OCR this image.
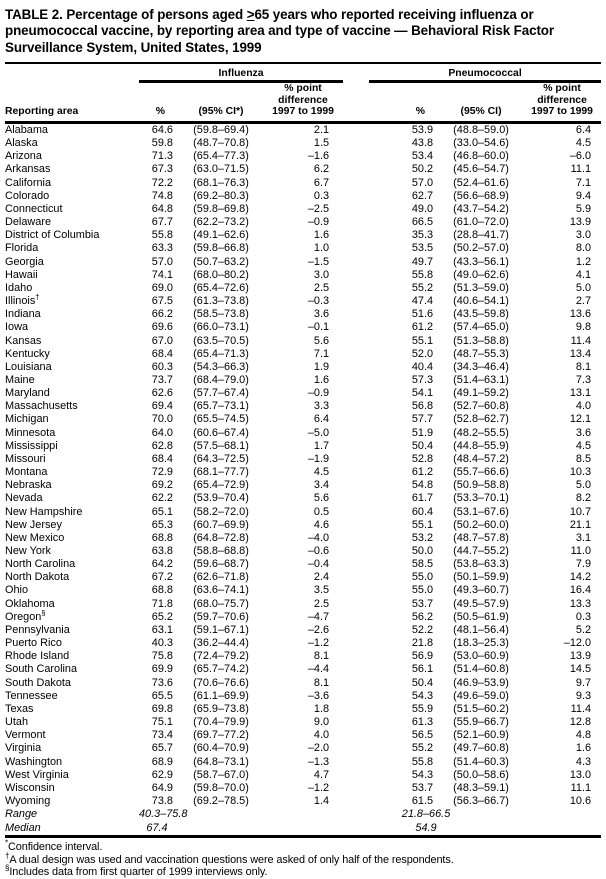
TABLE 2. Percentage of persons aged ≥65 years who reported receiving influenza or pneumococcal vaccine, by reporting area and type of vaccine — Behavioral Risk Factor Surveillance System, United States, 1999
	Influenza				Pneumococcal		
Reporting area	%	(95% CI*)	
% point
difference
1997 to 1999		%	(95% CI)	
% point
difference
1997 to 1999

Alabama	64.6	(59.8–69.4)	2.1		53.9	(48.8–59.0)	6.4
Alaska	59.8	(48.7–70.8)	1.5		43.8	(33.0–54.6)	4.5
Arizona	71.3	(65.4–77.3)	–1.6		53.4	(46.8–60.0)	–6.0
Arkansas	67.3	(63.0–71.5)	6.2		50.2	(45.6–54.7)	11.1
California	72.2	(68.1–76.3)	6.7		57.0	(52.4–61.6)	7.1
Colorado	74.8	(69.2–80.3)	0.3		62.7	(56.6–68.9)	9.4
Connecticut	64.8	(59.8–69.8)	–2.5		49.0	(43.7–54.2)	5.9
Delaware	67.7	(62.2–73.2)	–0.9		66.5	(61.0–72.0)	13.9
District of Columbia	55.8	(49.1–62.6)	1.6		35.3	(28.8–41.7)	3.0
Florida	63.3	(59.8–66.8)	1.0		53.5	(50.2–57.0)	8.0
Georgia	57.0	(50.7–63.2)	–1.5		49.7	(43.3–56.1)	1.2
Hawaii	74.1	(68.0–80.2)	3.0		55.8	(49.0–62.6)	4.1
Idaho	69.0	(65.4–72.6)	2.5		55.2	(51.3–59.0)	5.0
Illinois†	67.5	(61.3–73.8)	–0.3		47.4	(40.6–54.1)	2.7
Indiana	66.2	(58.5–73.8)	3.6		51.6	(43.5–59.8)	13.6
Iowa	69.6	(66.0–73.1)	–0.1		61.2	(57.4–65.0)	9.8
Kansas	67.0	(63.5–70.5)	5.6		55.1	(51.3–58.8)	11.4
Kentucky	68.4	(65.4–71.3)	7.1		52.0	(48.7–55.3)	13.4
Louisiana	60.3	(54.3–66.3)	1.9		40.4	(34.3–46.4)	8.1
Maine	73.7	(68.4–79.0)	1.6		57.3	(51.4–63.1)	7.3
Maryland	62.6	(57.7–67.4)	–0.9		54.1	(49.1–59.2)	13.1
Massachusetts	69.4	(65.7–73.1)	3.3		56.8	(52.7–60.8)	4.0
Michigan	70.0	(65.5–74.5)	6.4		57.7	(52.8–62.7)	12.1
Minnesota	64.0	(60.6–67.4)	–5.0		51.9	(48.2–55.5)	3.6
Mississippi	62.8	(57.5–68.1)	1.7		50.4	(44.8–55.9)	4.5
Missouri	68.4	(64.3–72.5)	–1.9		52.8	(48.4–57.2)	8.5
Montana	72.9	(68.1–77.7)	4.5		61.2	(55.7–66.6)	10.3
Nebraska	69.2	(65.4–72.9)	3.4		54.8	(50.9–58.8)	5.0
Nevada	62.2	(53.9–70.4)	5.6		61.7	(53.3–70.1)	8.2
New Hampshire	65.1	(58.2–72.0)	0.5		60.4	(53.1–67.6)	10.7
New Jersey	65.3	(60.7–69.9)	4.6		55.1	(50.2–60.0)	21.1
New Mexico	68.8	(64.8–72.8)	–4.0		53.2	(48.7–57.8)	3.1
New York	63.8	(58.8–68.8)	–0.6		50.0	(44.7–55.2)	11.0
North Carolina	64.2	(59.6–68.7)	–0.4		58.5	(53.8–63.3)	7.9
North Dakota	67.2	(62.6–71.8)	2.4		55.0	(50.1–59.9)	14.2
Ohio	68.8	(63.6–74.1)	3.5		55.0	(49.3–60.7)	16.4
Oklahoma	71.8	(68.0–75.7)	2.5		53.7	(49.5–57.9)	13.3
Oregon§	65.2	(59.7–70.6)	–4.7		56.2	(50.5–61.9)	0.3
Pennsylvania	63.1	(59.1–67.1)	–2.6		52.2	(48.1–56.4)	5.2
Puerto Rico	40.3	(36.2–44.4)	–1.2		21.8	(18.3–25.3)	–12.0
Rhode Island	75.8	(72.4–79.2)	8.1		56.9	(53.0–60.9)	13.9
South Carolina	69.9	(65.7–74.2)	–4.4		56.1	(51.4–60.8)	14.5
South Dakota	73.6	(70.6–76.6)	8.1		50.4	(46.9–53.9)	9.7
Tennessee	65.5	(61.1–69.9)	–3.6		54.3	(49.6–59.0)	9.3
Texas	69.8	(65.9–73.8)	1.8		55.9	(51.5–60.2)	11.4
Utah	75.1	(70.4–79.9)	9.0		61.3	(55.9–66.7)	12.8
Vermont	73.4	(69.7–77.2)	4.0		56.5	(52.1–60.9)	4.8
Virginia	65.7	(60.4–70.9)	–2.0		55.2	(49.7–60.8)	1.6
Washington	68.9	(64.8–73.1)	–1.3		55.8	(51.4–60.3)	4.3
West Virginia	62.9	(58.7–67.0)	4.7		54.3	(50.0–58.6)	13.0
Wisconsin	64.9	(59.8–70.0)	–1.2		53.7	(48.3–59.1)	11.1
Wyoming	73.8	(69.2–78.5)	1.4		61.5	(56.3–66.7)	10.6
Range	40.3–75.8				21.8–66.5		
Median	67.4				54.9		
*Confidence interval.
†A dual design was used and vaccination questions were asked of only half of the respondents.
§Includes data from first quarter of 1999 interviews only.
